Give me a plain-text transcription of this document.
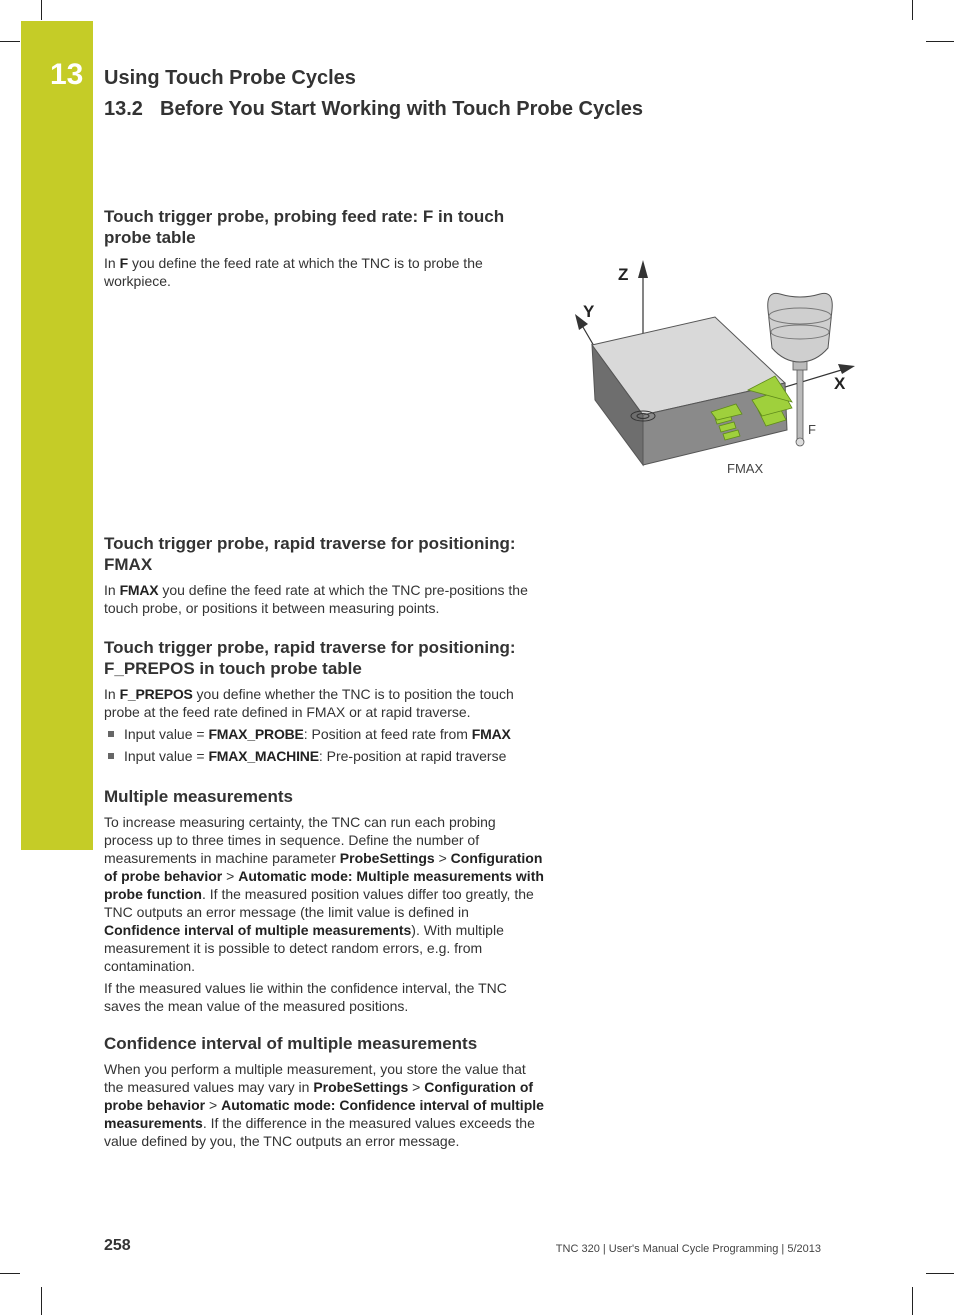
13 Using Touch Probe Cycles
13.2 Before You Start Working with Touch Probe Cycles
Touch trigger probe, probing feed rate: F in touch probe table

In F you define the feed rate at which the TNC is to probe the workpiece.	Z
Y
X
F
FMAX
Touch trigger probe, rapid traverse for positioning: FMAX

In FMAX you define the feed rate at which the TNC pre-positions the touch probe, or positions it between measuring points.

Touch trigger probe, rapid traverse for positioning: F_PREPOS in touch probe table

In F_PREPOS you define whether the TNC is to position the touch probe at the feed rate defined in FMAX or at rapid traverse.

Input value = FMAX_PROBE: Position at feed rate from FMAX
Input value = FMAX_MACHINE: Pre-position at rapid traverse
Multiple measurements

To increase measuring certainty, the TNC can run each probing process up to three times in sequence. Define the number of measurements in machine parameter ProbeSettings > Configuration of probe behavior > Automatic mode: Multiple measurements with probe function. If the measured position values differ too greatly, the TNC outputs an error message (the limit value is defined in Confidence interval of multiple measurements). With multiple measurement it is possible to detect random errors, e.g. from contamination.

If the measured values lie within the confidence interval, the TNC saves the mean value of the measured positions.

Confidence interval of multiple measurements

When you perform a multiple measurement, you store the value that the measured values may vary in ProbeSettings > Configuration of probe behavior > Automatic mode: Confidence interval of multiple measurements. If the difference in the measured values exceeds the value defined by you, the TNC outputs an error message.

258	TNC 320 | User's Manual Cycle Programming | 5/2013
